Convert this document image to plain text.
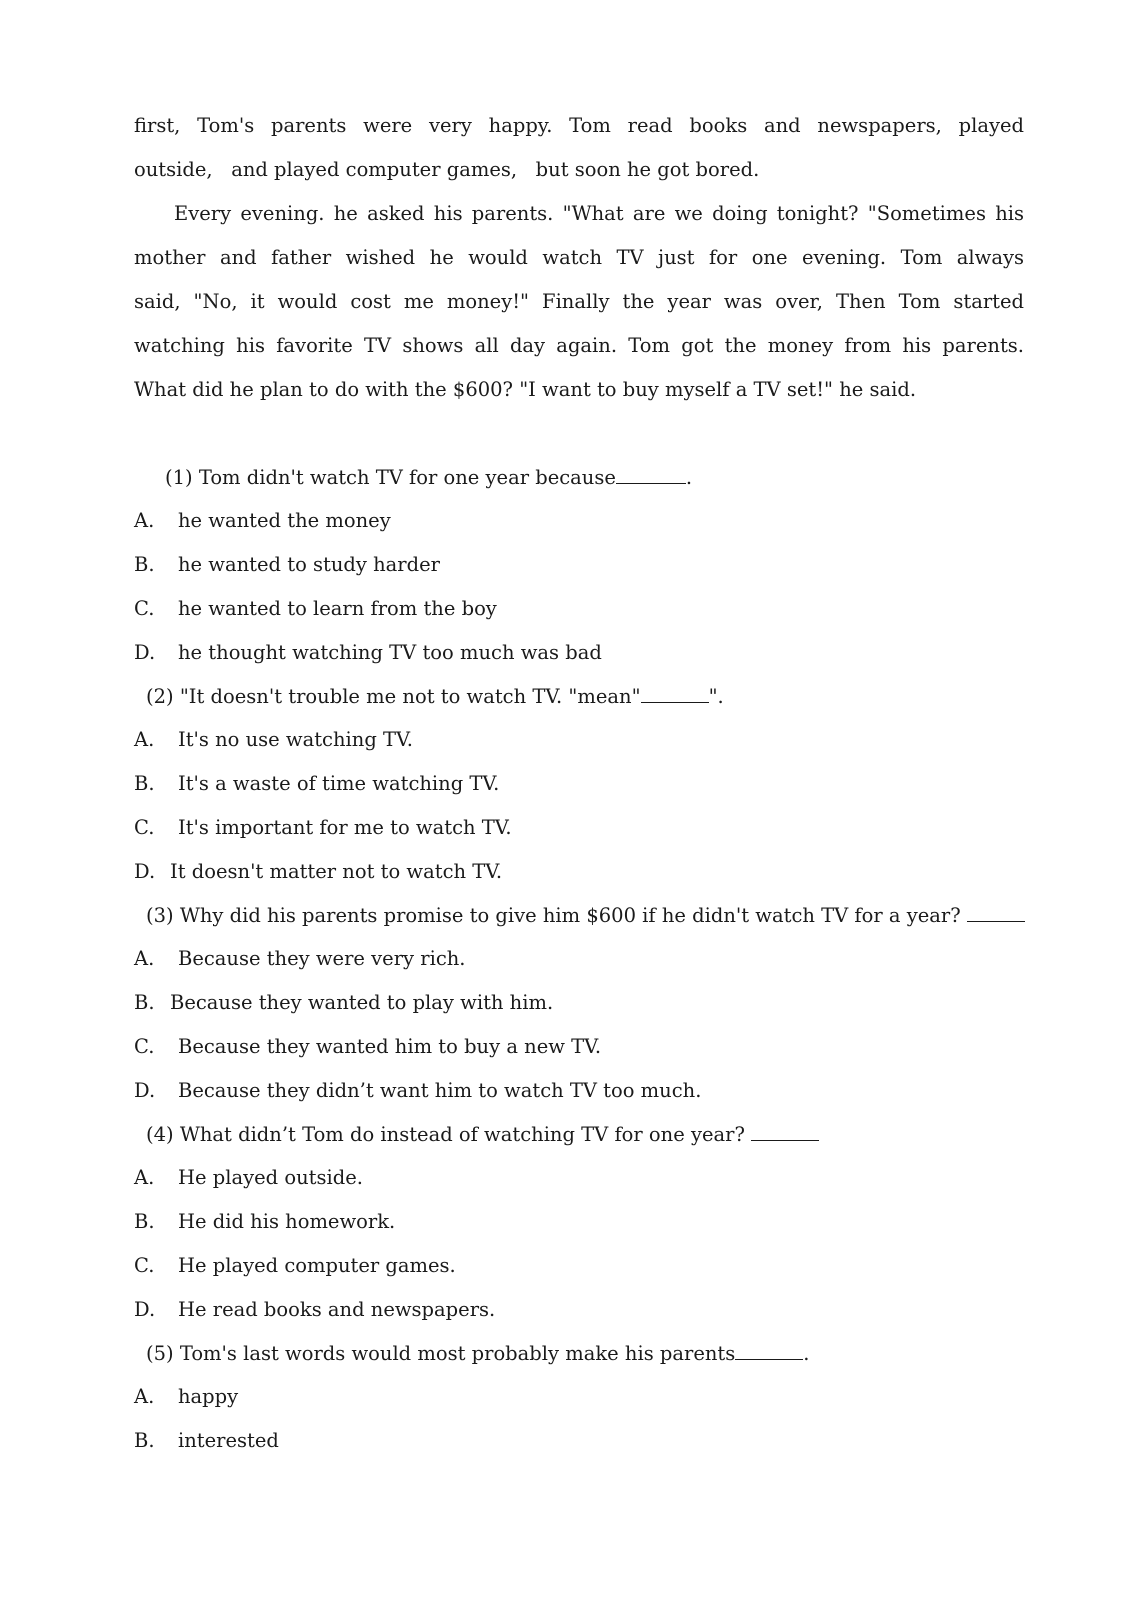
first, Tom's parents were very happy. Tom read books and newspapers, played
outside,   and played computer games,   but soon he got bored.
Every evening. he asked his parents. "What are we doing tonight? "Sometimes his
mother and father wished he would watch TV just for one evening. Tom always
said, "No, it would cost me money!" Finally the year was over, Then Tom started
watching his favorite TV shows all day again. Tom got the money from his parents.
What did he plan to do with the $600? "I want to buy myself a TV set!" he said.
(1) Tom didn't watch TV for one year because	.
A. he wanted the money
B. he wanted to study harder
C. he wanted to learn from the boy
D. he thought watching TV too much was bad
(2) "It doesn't trouble me not to watch TV. "mean"	".
A. It's no use watching TV.
B. It's a waste of time watching TV.
C. It's important for me to watch TV.
D. It doesn't matter not to watch TV.
(3) Why did his parents promise to give him $600 if he didn't watch TV for a year?
A. Because they were very rich.
B. Because they wanted to play with him.
C. Because they wanted him to buy a new TV.
D. Because they didn’t want him to watch TV too much.
(4) What didn’t Tom do instead of watching TV for one year?
A. He played outside.
B. He did his homework.
C. He played computer games.
D. He read books and newspapers.
(5) Tom's last words would most probably make his parents	.
A. happy
B. interested
